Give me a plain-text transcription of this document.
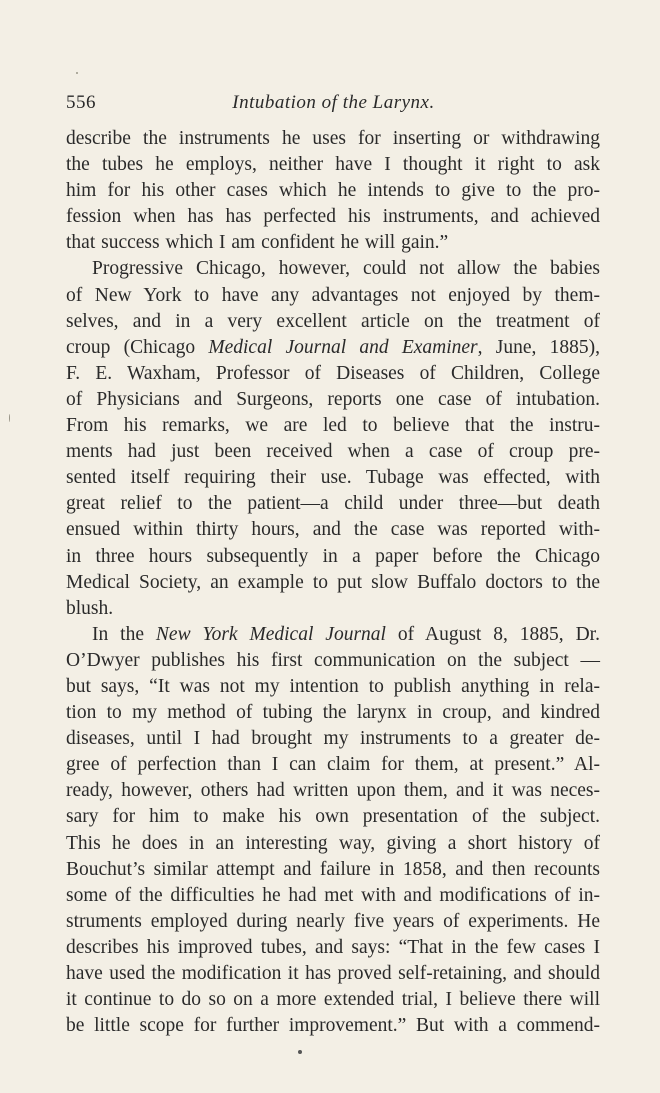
556	Intubation of the Larynx.
describe the instruments he uses for inserting or withdrawing
the tubes he employs, neither have I thought it right to ask
him for his other cases which he intends to give to the pro-
fession when has has perfected his instruments, and achieved
that success which I am confident he will gain.”
Progressive Chicago, however, could not allow the babies
of New York to have any advantages not enjoyed by them-
selves, and in a very excellent article on the treatment of
croup (Chicago Medical Journal and Examiner, June, 1885),
F. E. Waxham, Professor of Diseases of Children, College
of Physicians and Surgeons, reports one case of intubation.
From his remarks, we are led to believe that the instru-
ments had just been received when a case of croup pre-
sented itself requiring their use. Tubage was effected, with
great relief to the patient—a child under three—but death
ensued within thirty hours, and the case was reported with-
in three hours subsequently in a paper before the Chicago
Medical Society, an example to put slow Buffalo doctors to the
blush.
In the New York Medical Journal of August 8, 1885, Dr.
O’Dwyer publishes his first communication on the subject —
but says, “It was not my intention to publish anything in rela-
tion to my method of tubing the larynx in croup, and kindred
diseases, until I had brought my instruments to a greater de-
gree of perfection than I can claim for them, at present.” Al-
ready, however, others had written upon them, and it was neces-
sary for him to make his own presentation of the subject.
This he does in an interesting way, giving a short history of
Bouchut’s similar attempt and failure in 1858, and then recounts
some of the difficulties he had met with and modifications of in-
struments employed during nearly five years of experiments. He
describes his improved tubes, and says: “That in the few cases I
have used the modification it has proved self-retaining, and should
it continue to do so on a more extended trial, I believe there will
be little scope for further improvement.” But with a commend-
